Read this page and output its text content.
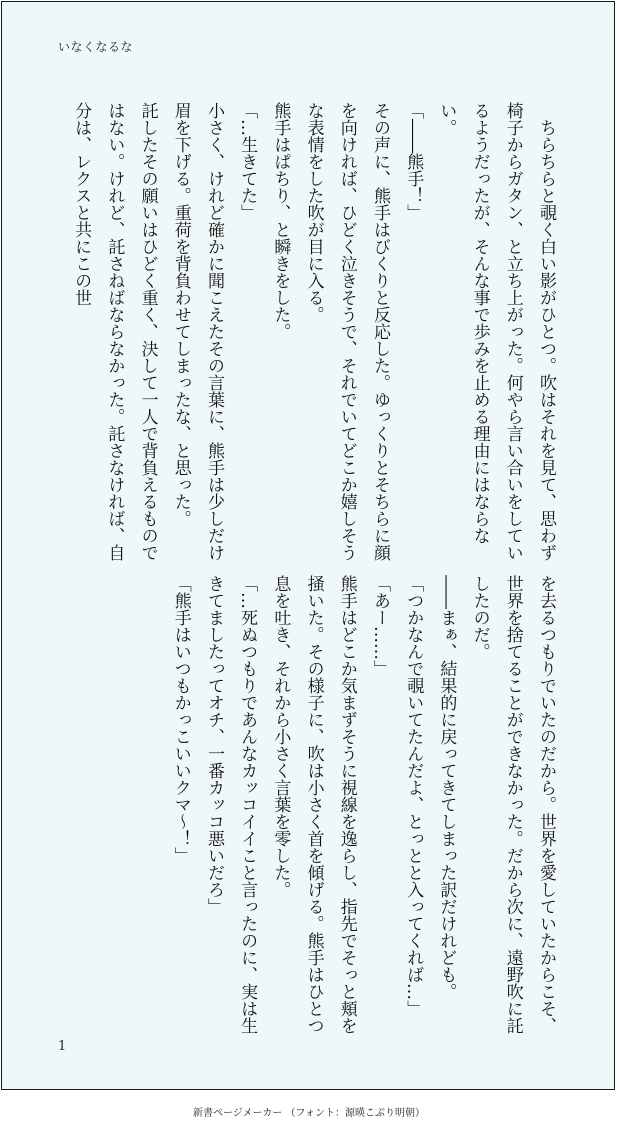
いなくなるな

ちらちらと覗く白い影がひとつ。吹はそれを見て、思わず椅子からガタン、と立ち上がった。何やら言い合いをしているようだったが、そんな事で歩みを止める理由にはならない。

「――熊手！」

その声に、熊手はびくりと反応した。ゆっくりとそちらに顔を向ければ、ひどく泣きそうで、それでいてどこか嬉しそうな表情をした吹が目に入る。

熊手はぱちり、と瞬きをした。

「…生きてた」

小さく、けれど確かに聞こえたその言葉に、熊手は少しだけ眉を下げる。重荷を背負わせてしまったな、と思った。

託したその願いはひどく重く、決して一人で背負えるものではない。けれど、託さねばならなかった。託さなければ、自分は、レクスと共にこの世

を去るつもりでいたのだから。世界を愛していたからこそ、世界を捨てることができなかった。だから次に、遠野吹に託したのだ。

――まぁ、結果的に戻ってきてしまった訳だけれども。

「つかなんで覗いてたんだよ、とっとと入ってくれば…」

「あー……」

熊手はどこか気まずそうに視線を逸らし、指先でそっと頬を掻いた。その様子に、吹は小さく首を傾げる。熊手はひとつ息を吐き、それから小さく言葉を零した。

「…死ぬつもりであんなカッコイイこと言ったのに、実は生きてましたってオチ、一番カッコ悪いだろ」

「熊手はいつもかっこいいクマ～！」

1
新書ページメーカー （フォント：源暎こぶり明朝）
